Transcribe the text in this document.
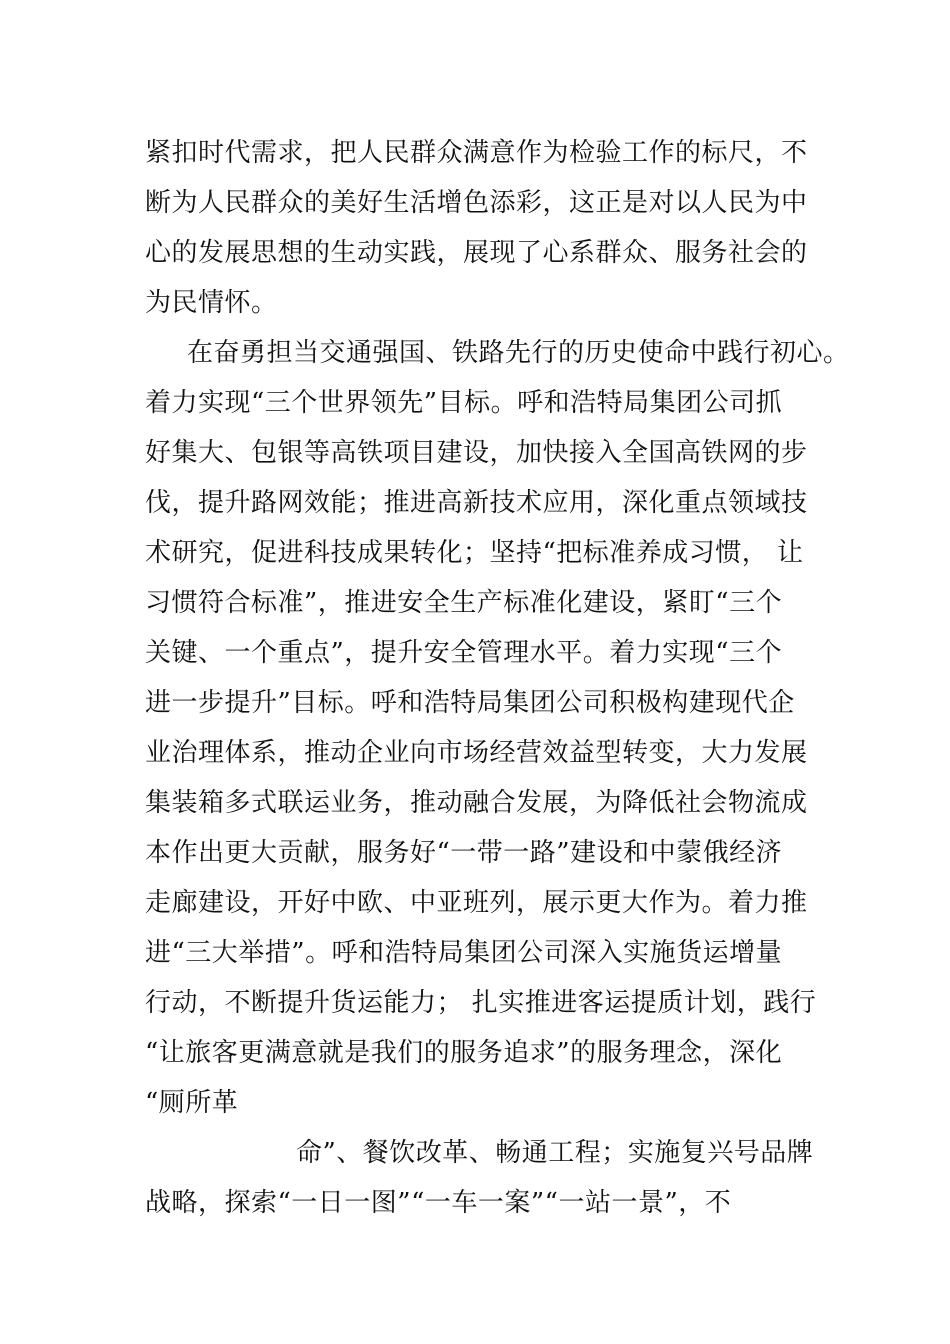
紧扣时代需求，把人民群众满意作为检验工作的标尺，不
断为人民群众的美好生活增色添彩，这正是对以人民为中
心的发展思想的生动实践，展现了心系群众、服务社会的
为民情怀。
在奋勇担当交通强国、铁路先行的历史使命中践行初心。
着力实现“三个世界领先”目标。呼和浩特局集团公司抓
好集大、包银等高铁项目建设，加快接入全国高铁网的步
伐，提升路网效能；推进高新技术应用，深化重点领域技
术研究，促进科技成果转化；坚持“把标准养成习惯， 让
习惯符合标准”，推进安全生产标准化建设，紧盯“三个
关键、一个重点”，提升安全管理水平。着力实现“三个
进一步提升”目标。呼和浩特局集团公司积极构建现代企
业治理体系，推动企业向市场经营效益型转变，大力发展
集装箱多式联运业务，推动融合发展，为降低社会物流成
本作出更大贡献，服务好“一带一路”建设和中蒙俄经济
走廊建设，开好中欧、中亚班列，展示更大作为。着力推
进“三大举措”。呼和浩特局集团公司深入实施货运增量
行动，不断提升货运能力； 扎实推进客运提质计划，践行
“让旅客更满意就是我们的服务追求”的服务理念，深化
“厕所革
命”、餐饮改革、畅通工程；实施复兴号品牌
战略，探索“一日一图”“一车一案”“一站一景”，不
